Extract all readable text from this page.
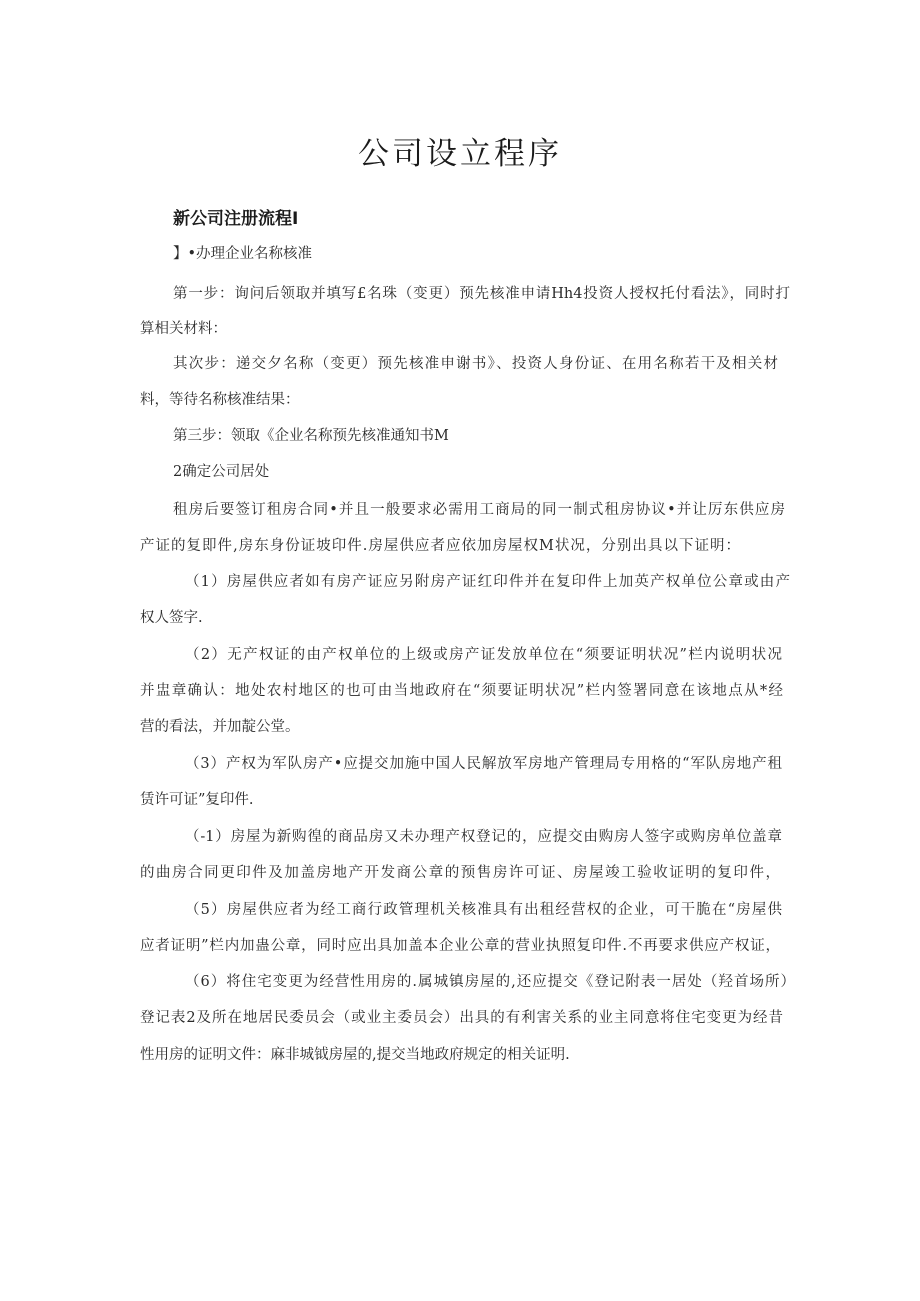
公司设立程序
新公司注册流程I
】•办理企业名称核准
第一步：询问后领取并填写£名珠（变更）预先核准申请Hh4投资人授权托付看法》，同时打
算相关材料：
其次步：递交夕名称（变更）预先核准申谢书》、投资人身份证、在用名称若干及相关材
料，等待名称核准结果：
第三步：领取《企业名称预先核准通知书M
2确定公司居处
租房后要签订租房合同•并且一般要求必需用工商局的同一制式租房协议•并让厉东供应房
产证的复即件,房东身份证坡印件.房屋供应者应依加房屋权M状况，分别出具以下证明：
（1）房屋供应者如有房产证应另附房产证红印件并在复印件上加英产权单位公章或由产
权人签字.
（2）无产权证的由产权单位的上级或房产证发放单位在“须要证明状况”栏内说明状况
并盅章确认：地处农村地区的也可由当地政府在“须要证明状况”栏内签署同意在该地点从*经
营的看法，并加靛公堂。
（3）产权为军队房产•应提交加施中国人民解放军房地产管理局专用格的“军队房地产租
赁许可证”复印件.
（-1）房屋为新购徨的商品房又未办理产权登记的，应提交由购房人签字或购房单位盖章
的曲房合同更印件及加盖房地产开发商公章的预售房许可证、房屋竣工验收证明的复印件，
（5）房屋供应者为经工商行政管理机关核准具有出租经营权的企业，可干脆在“房屋供
应者证明”栏内加蛊公章，同时应出具加盖本企业公章的营业执照复印件.不再要求供应产权证，
（6）将住宅变更为经营性用房的.属城镇房屋的,还应提交《登记附表一居处（羟首场所）
登记表2及所在地居民委员会（或业主委员会）出具的有利害关系的业主同意将住宅变更为经昔
性用房的证明文件：麻非城钺房屋的,提交当地政府规定的相关证明.
